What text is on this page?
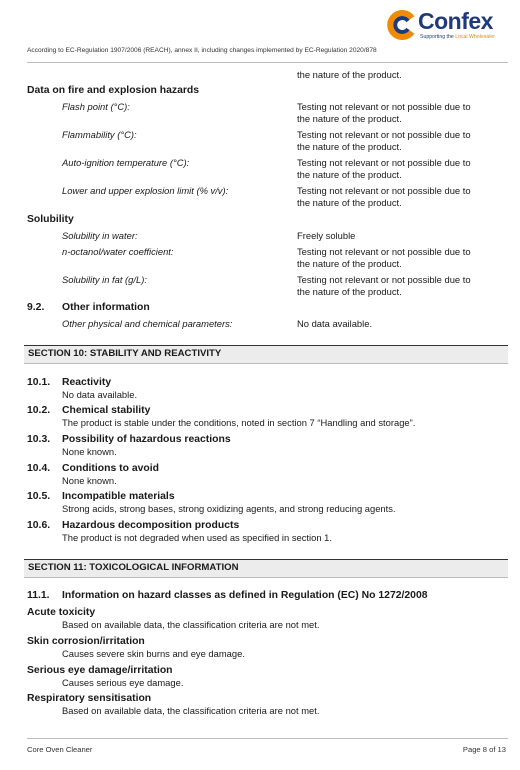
Confex
Supporting the Local Wholesaler
According to EC-Regulation 1907/2006 (REACH), annex II, including changes implemented by EC-Regulation 2020/878
the nature of the product.
Data on fire and explosion hazards
Flash point (°C):	Testing not relevant or not possible due to
the nature of the product.
Flammability (°C):	Testing not relevant or not possible due to
the nature of the product.
Auto-ignition temperature (°C):	Testing not relevant or not possible due to
the nature of the product.
Lower and upper explosion limit (% v/v):	Testing not relevant or not possible due to
the nature of the product.
Solubility
Solubility in water:	Freely soluble
n-octanol/water coefficient:	Testing not relevant or not possible due to
the nature of the product.
Solubility in fat (g/L):	Testing not relevant or not possible due to
the nature of the product.
9.2. Other information
Other physical and chemical parameters:	No data available.
SECTION 10: STABILITY AND REACTIVITY
10.1. Reactivity
No data available.
10.2. Chemical stability
The product is stable under the conditions, noted in section 7 “Handling and storage”.
10.3. Possibility of hazardous reactions
None known.
10.4. Conditions to avoid
None known.
10.5. Incompatible materials
Strong acids, strong bases, strong oxidizing agents, and strong reducing agents.
10.6. Hazardous decomposition products
The product is not degraded when used as specified in section 1.
SECTION 11: TOXICOLOGICAL INFORMATION
11.1. Information on hazard classes as defined in Regulation (EC) No 1272/2008
Acute toxicity
Based on available data, the classification criteria are not met.
Skin corrosion/irritation
Causes severe skin burns and eye damage.
Serious eye damage/irritation
Causes serious eye damage.
Respiratory sensitisation
Based on available data, the classification criteria are not met.
Core Oven Cleaner	Page 8 of 13
